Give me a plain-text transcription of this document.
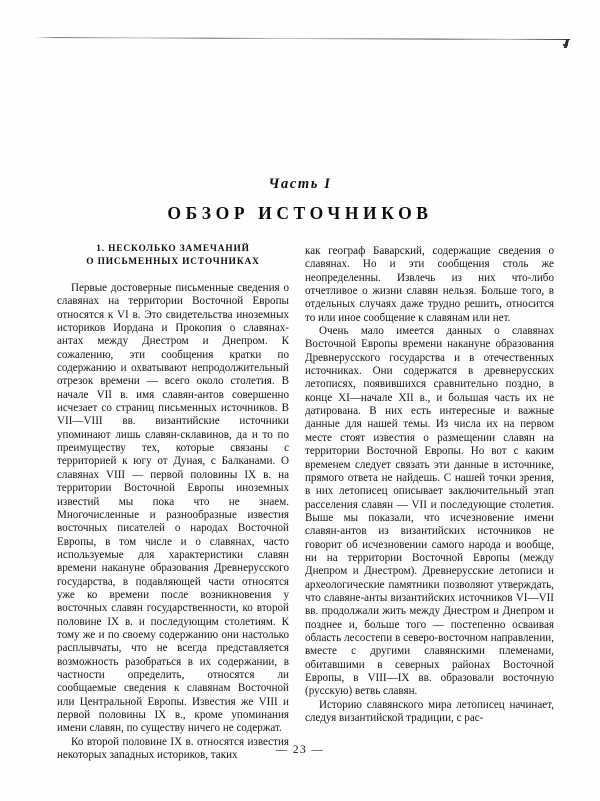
Часть I
ОБЗОР ИСТОЧНИКОВ
1. НЕСКОЛЬКО ЗАМЕЧАНИЙ
О ПИСЬМЕННЫХ ИСТОЧНИКАХ

Первые достоверные письменные сведения о славянах на территории Восточной Европы относятся к VI в. Это свидетельства иноземных историков Иордана и Прокопия о славянах-антах между Днестром и Днепром. К сожалению, эти сообщения кратки по содержанию и охватывают непродолжительный отрезок времени — всего около столетия. В начале VII в. имя славян-антов совершенно исчезает со страниц письменных источников. В VII—VIII вв. византийские источники упоминают лишь славян-склавинов, да и то по преимуществу тех, которые связаны с территорией к югу от Дуная, с Балканами. О славянах VIII — первой половины IX в. на территории Восточной Европы иноземных известий мы пока что не знаем. Многочисленные и разнообразные известия восточных писателей о народах Восточной Европы, в том числе и о славянах, часто используемые для характеристики славян времени накануне образования Древнерусского государства, в подавляющей части относятся уже ко времени после возникновения у восточных славян государственности, ко второй половине IX в. и последующим столетиям. К тому же и по своему содержанию они настолько расплывчаты, что не всегда представляется возможность разобраться в их содержании, в частности определить, относятся ли сообщаемые сведения к славянам Восточной или Центральной Европы. Известия же VIII и первой половины IX в., кроме упоминания имени славян, по существу ничего не содержат.

Ко второй половине IX в. относятся известия некоторых западных историков, таких

как географ Баварский, содержащие сведения о славянах. Но и эти сообщения столь же неопределенны. Извлечь из них что-либо отчетливое о жизни славян нельзя. Больше того, в отдельных случаях даже трудно решить, относится то или иное сообщение к славянам или нет.

Очень мало имеется данных о славянах Восточной Европы времени накануне образования Древнерусского государства и в отечественных источниках. Они содержатся в древнерусских летописях, появившихся сравнительно поздно, в конце XI—начале XII в., и большая часть их не датирована. В них есть интересные и важные данные для нашей темы. Из числа их на первом месте стоят известия о размещении славян на территории Восточной Европы. Но вот с каким временем следует связать эти данные в источнике, прямого ответа не найдешь. С нашей точки зрения, в них летописец описывает заключительный этап расселения славян — VII и последующие столетия. Выше мы показали, что исчезновение имени славян-антов из византийских источников не говорит об исчезновении самого народа и вообще, ни на территории Восточной Европы (между Днепром и Днестром). Древнерусские летописи и археологические памятники позволяют утверждать, что славяне-анты византийских источников VI—VII вв. продолжали жить между Днестром и Днепром и позднее и, больше того — постепенно осваивая область лесостепи в северо-восточном направлении, вместе с другими славянскими племенами, обитавшими в северных районах Восточной Европы, в VIII—IX вв. образовали восточную (русскую) ветвь славян.

Историю славянского мира летописец начинает, следуя византийской традиции, с рас-

— 23 —
